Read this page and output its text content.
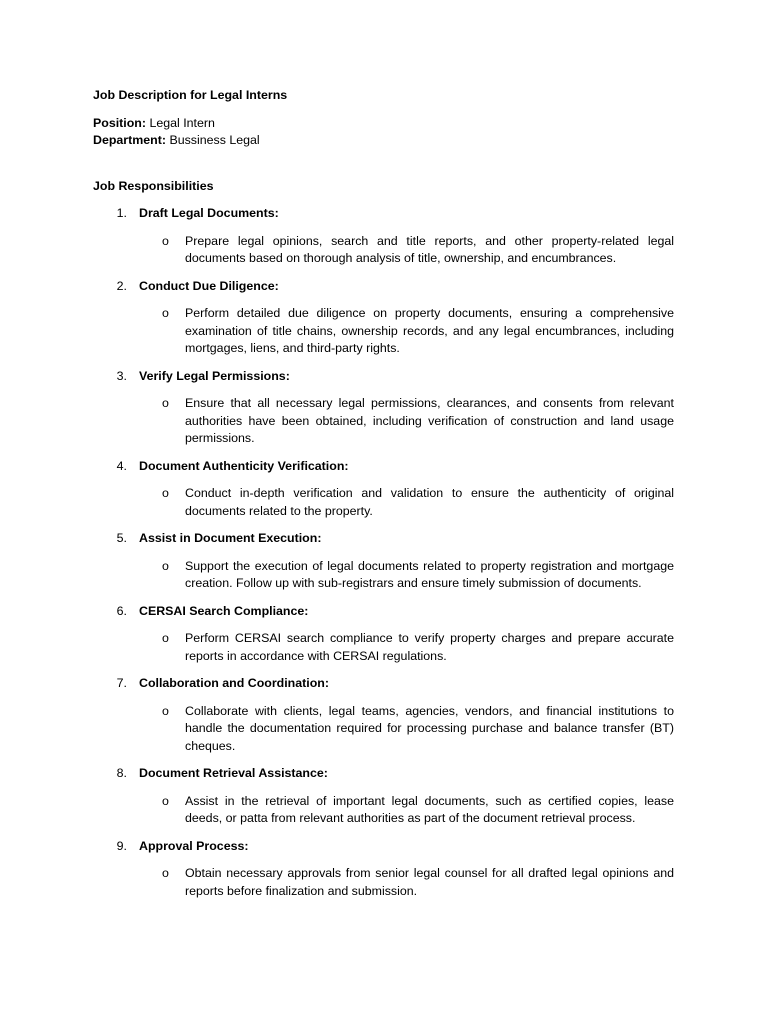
Job Description for Legal Interns

Position: Legal Intern

Department: Bussiness Legal

Job Responsibilities

1. Draft Legal Documents:
o Prepare legal opinions, search and title reports, and other property-related legal documents based on thorough analysis of title, ownership, and encumbrances.
2. Conduct Due Diligence:
o Perform detailed due diligence on property documents, ensuring a comprehensive examination of title chains, ownership records, and any legal encumbrances, including mortgages, liens, and third-party rights.
3. Verify Legal Permissions:
o Ensure that all necessary legal permissions, clearances, and consents from relevant authorities have been obtained, including verification of construction and land usage permissions.
4. Document Authenticity Verification:
o Conduct in-depth verification and validation to ensure the authenticity of original documents related to the property.
5. Assist in Document Execution:
o Support the execution of legal documents related to property registration and mortgage creation. Follow up with sub-registrars and ensure timely submission of documents.
6. CERSAI Search Compliance:
o Perform CERSAI search compliance to verify property charges and prepare accurate reports in accordance with CERSAI regulations.
7. Collaboration and Coordination:
o Collaborate with clients, legal teams, agencies, vendors, and financial institutions to handle the documentation required for processing purchase and balance transfer (BT) cheques.
8. Document Retrieval Assistance:
o Assist in the retrieval of important legal documents, such as certified copies, lease deeds, or patta from relevant authorities as part of the document retrieval process.
9. Approval Process:
o Obtain necessary approvals from senior legal counsel for all drafted legal opinions and reports before finalization and submission.
